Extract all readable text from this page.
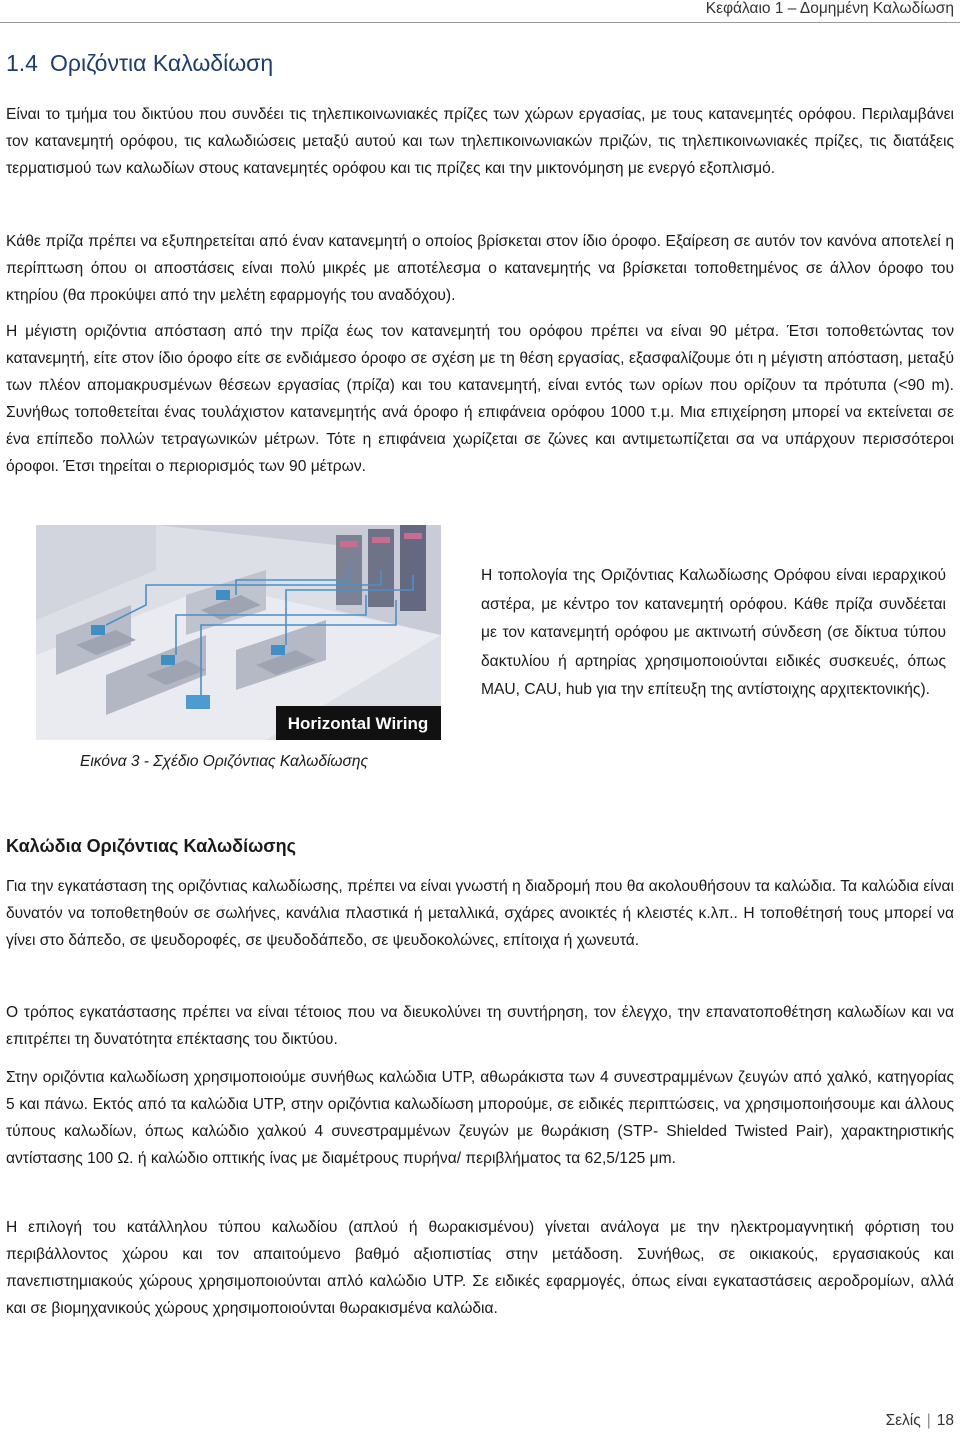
Κεφάλαιο 1 – Δομημένη Καλωδίωση
1.4 Οριζόντια Καλωδίωση

Είναι το τμήμα του δικτύου που συνδέει τις τηλεπικοινωνιακές πρίζες των χώρων εργασίας, με τους κατανεμητές ορόφου. Περιλαμβάνει τον κατανεμητή ορόφου, τις καλωδιώσεις μεταξύ αυτού και των τηλεπικοινωνιακών πριζών, τις τηλεπικοινωνιακές πρίζες, τις διατάξεις τερματισμού των καλωδίων στους κατανεμητές ορόφου και τις πρίζες και την μικτονόμηση με ενεργό εξοπλισμό.

Κάθε πρίζα πρέπει να εξυπηρετείται από έναν κατανεμητή ο οποίος βρίσκεται στον ίδιο όροφο. Εξαίρεση σε αυτόν τον κανόνα αποτελεί η περίπτωση όπου οι αποστάσεις είναι πολύ μικρές με αποτέλεσμα ο κατανεμητής να βρίσκεται τοποθετημένος σε άλλον όροφο του κτηρίου (θα προκύψει από την μελέτη εφαρμογής του αναδόχου).

Η μέγιστη οριζόντια απόσταση από την πρίζα έως τον κατανεμητή του ορόφου πρέπει να είναι 90 μέτρα. Έτσι τοποθετώντας τον κατανεμητή, είτε στον ίδιο όροφο είτε σε ενδιάμεσο όροφο σε σχέση με τη θέση εργασίας, εξασφαλίζουμε ότι η μέγιστη απόσταση, μεταξύ των πλέον απομακρυσμένων θέσεων εργασίας (πρίζα) και του κατανεμητή, είναι εντός των ορίων που ορίζουν τα πρότυπα (<90 m). Συνήθως τοποθετείται ένας τουλάχιστον κατανεμητής ανά όροφο ή επιφάνεια ορόφου 1000 τ.μ. Μια επιχείρηση μπορεί να εκτείνεται σε ένα επίπεδο πολλών τετραγωνικών μέτρων. Τότε η επιφάνεια χωρίζεται σε ζώνες και αντιμετωπίζεται σα να υπάρχουν περισσότεροι όροφοι. Έτσι τηρείται ο περιορισμός των 90 μέτρων.

Horizontal Wiring

Εικόνα 3 - Σχέδιο Οριζόντιας Καλωδίωσης

Η τοπολογία της Οριζόντιας Καλωδίωσης Ορόφου είναι ιεραρχικού αστέρα, με κέντρο τον κατανεμητή ορόφου. Κάθε πρίζα συνδέεται με τον κατανεμητή ορόφου με ακτινωτή σύνδεση (σε δίκτυα τύπου δακτυλίου ή αρτηρίας χρησιμοποιούνται ειδικές συσκευές, όπως MAU, CAU, hub για την επίτευξη της αντίστοιχης αρχιτεκτονικής).

Καλώδια Οριζόντιας Καλωδίωσης

Για την εγκατάσταση της οριζόντιας καλωδίωσης, πρέπει να είναι γνωστή η διαδρομή που θα ακολουθήσουν τα καλώδια. Τα καλώδια είναι δυνατόν να τοποθετηθούν σε σωλήνες, κανάλια πλαστικά ή μεταλλικά, σχάρες ανοικτές ή κλειστές κ.λπ.. Η τοποθέτησή τους μπορεί να γίνει στο δάπεδο, σε ψευδοροφές, σε ψευδοδάπεδο, σε ψευδοκολώνες, επίτοιχα ή χωνευτά.

Ο τρόπος εγκατάστασης πρέπει να είναι τέτοιος που να διευκολύνει τη συντήρηση, τον έλεγχο, την επανατοποθέτηση καλωδίων και να επιτρέπει τη δυνατότητα επέκτασης του δικτύου.

Στην οριζόντια καλωδίωση χρησιμοποιούμε συνήθως καλώδια UTP, αθωράκιστα των 4 συνεστραμμένων ζευγών από χαλκό, κατηγορίας 5 και πάνω. Εκτός από τα καλώδια UTP, στην οριζόντια καλωδίωση μπορούμε, σε ειδικές περιπτώσεις, να χρησιμοποιήσουμε και άλλους τύπους καλωδίων, όπως καλώδιο χαλκού 4 συνεστραμμένων ζευγών με θωράκιση (STP- Shielded Twisted Pair), χαρακτηριστικής αντίστασης 100 Ω. ή καλώδιο οπτικής ίνας με διαμέτρους πυρήνα/ περιβλήματος τα 62,5/125 μm.

Η επιλογή του κατάλληλου τύπου καλωδίου (απλού ή θωρακισμένου) γίνεται ανάλογα με την ηλεκτρομαγνητική φόρτιση του περιβάλλοντος χώρου και τον απαιτούμενο βαθμό αξιοπιστίας στην μετάδοση. Συνήθως, σε οικιακούς, εργασιακούς και πανεπιστημιακούς χώρους χρησιμοποιούνται απλό καλώδιο UTP. Σε ειδικές εφαρμογές, όπως είναι εγκαταστάσεις αεροδρομίων, αλλά και σε βιομηχανικούς χώρους χρησιμοποιούνται θωρακισμένα καλώδια.

Σελίς | 18
